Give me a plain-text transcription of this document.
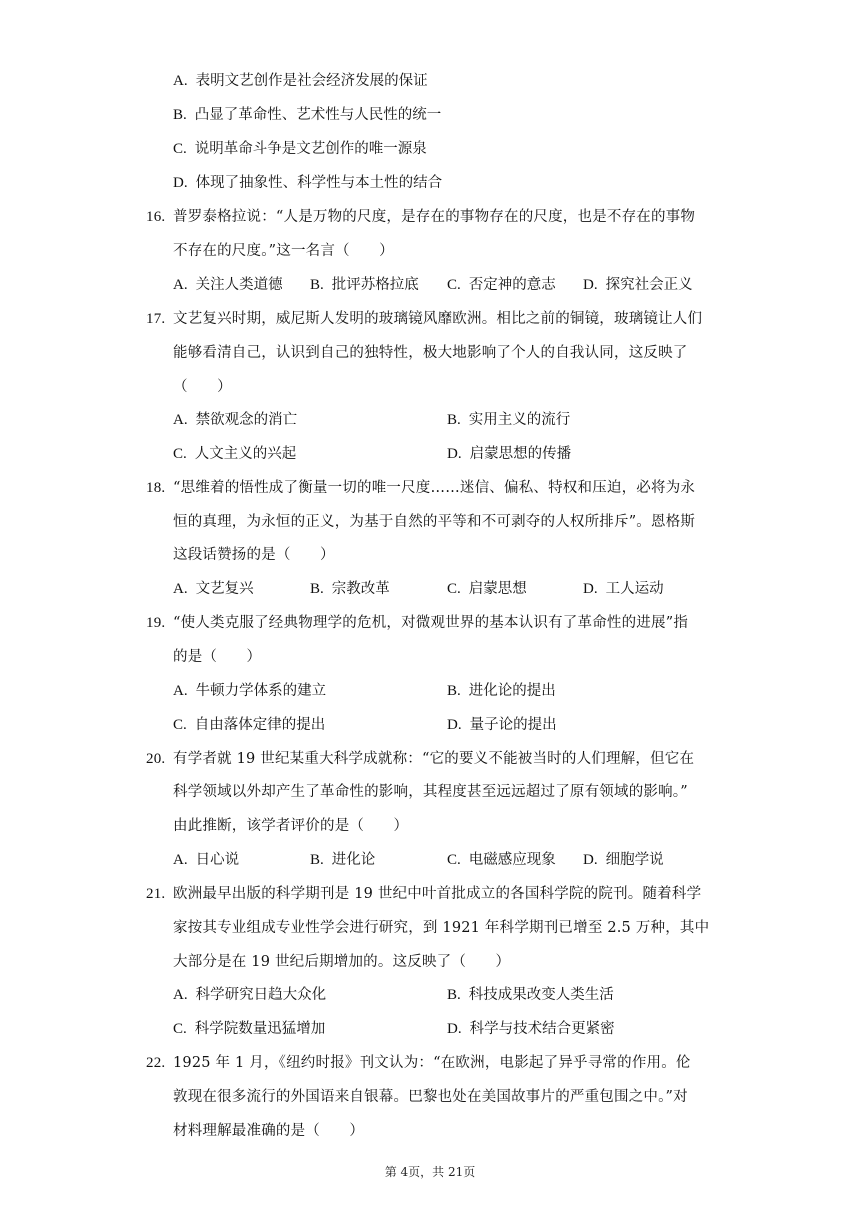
A. 表明文艺创作是社会经济发展的保证
B. 凸显了革命性、艺术性与人民性的统一
C. 说明革命斗争是文艺创作的唯一源泉
D. 体现了抽象性、科学性与本土性的结合
16. 普罗泰格拉说：“人是万物的尺度，是存在的事物存在的尺度，也是不存在的事物
不存在的尺度。”这一名言（　　）
A. 关注人类道德 B. 批评苏格拉底 C. 否定神的意志 D. 探究社会正义
17. 文艺复兴时期，威尼斯人发明的玻璃镜风靡欧洲。相比之前的铜镜，玻璃镜让人们
能够看清自己，认识到自己的独特性，极大地影响了个人的自我认同，这反映了
（　　）
A. 禁欲观念的消亡	B. 实用主义的流行
C. 人文主义的兴起	D. 启蒙思想的传播
18. “思维着的悟性成了衡量一切的唯一尺度……迷信、偏私、特权和压迫，必将为永
恒的真理，为永恒的正义，为基于自然的平等和不可剥夺的人权所排斥”。恩格斯
这段话赞扬的是（　　）
A. 文艺复兴	B. 宗教改革	C. 启蒙思想	D. 工人运动
19. “使人类克服了经典物理学的危机，对微观世界的基本认识有了革命性的进展”指
的是（　　）
A. 牛顿力学体系的建立	B. 进化论的提出
C. 自由落体定律的提出	D. 量子论的提出
20. 有学者就 19 世纪某重大科学成就称：“它的要义不能被当时的人们理解，但它在
科学领域以外却产生了革命性的影响，其程度甚至远远超过了原有领域的影响。”
由此推断，该学者评价的是（　　）
A. 日心说	B. 进化论	C. 电磁感应现象 D. 细胞学说
21. 欧洲最早出版的科学期刊是 19 世纪中叶首批成立的各国科学院的院刊。随着科学
家按其专业组成专业性学会进行研究，到 1921 年科学期刊已增至 2.5 万种，其中
大部分是在 19 世纪后期增加的。这反映了（　　）
A. 科学研究日趋大众化	B. 科技成果改变人类生活
C. 科学院数量迅猛增加	D. 科学与技术结合更紧密
22. 1925 年 1 月，《纽约时报》刊文认为：“在欧洲，电影起了异乎寻常的作用。伦
敦现在很多流行的外国语来自银幕。巴黎也处在美国故事片的严重包围之中。”对
材料理解最准确的是（　　）
第 4页，共 21页
